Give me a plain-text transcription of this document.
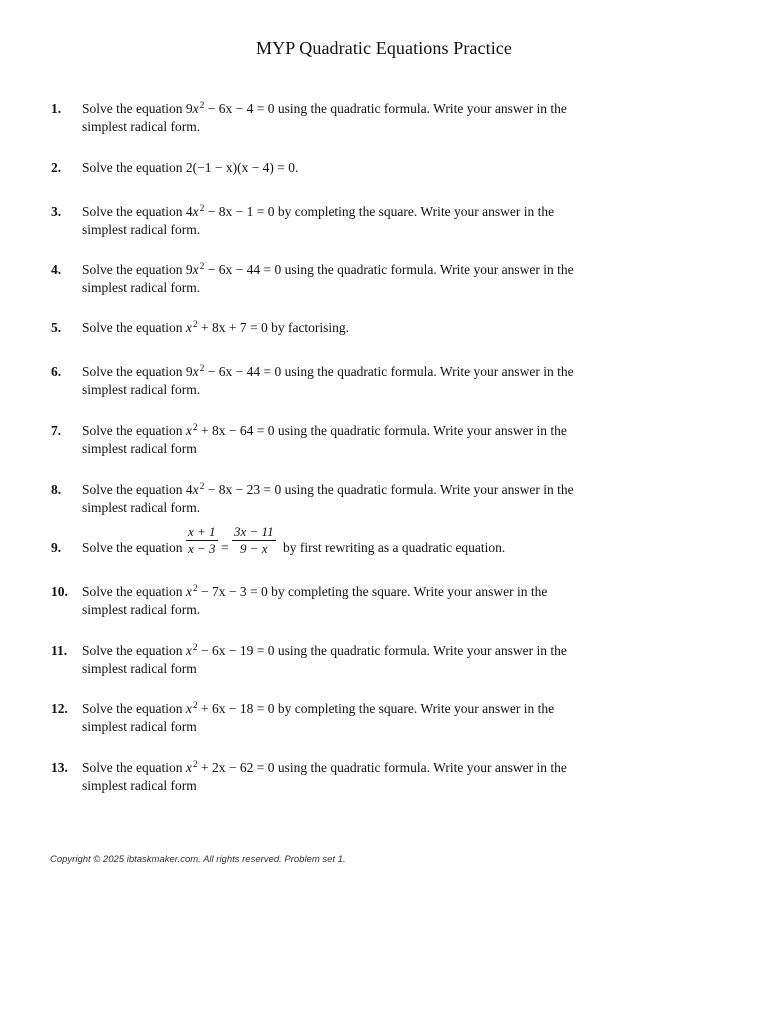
MYP Quadratic Equations Practice
1. Solve the equation $9x^2 - 6x - 4 = 0$ using the quadratic formula. Write your answer in the
simplest radical form.
2. Solve the equation 2(−1 − x)(x − 4) = 0.
3. Solve the equation $4x^2 - 8x - 1 = 0$ by completing the square. Write your answer in the
simplest radical form.
4. Solve the equation $9x^2 - 6x - 44 = 0$ using the quadratic formula. Write your answer in the
simplest radical form.
5. Solve the equation $x^2 + 8x + 7 = 0$ by factorising.
6. Solve the equation $9x^2 - 6x - 44 = 0$ using the quadratic formula. Write your answer in the
simplest radical form.
7. Solve the equation $x^2 + 8x - 64 = 0$ using the quadratic formula. Write your answer in the
simplest radical form
8. Solve the equation $4x^2 - 8x - 23 = 0$ using the quadratic formula. Write your answer in the
simplest radical form.
9. Solve the equation $\frac{x + 1}{x - 3} = \frac{3x - 11}{9 - x}$ by first rewriting as a quadratic equation.
10. Solve the equation $x^2 - 7x - 3 = 0$ by completing the square. Write your answer in the
simplest radical form.
11. Solve the equation $x^2 - 6x - 19 = 0$ using the quadratic formula. Write your answer in the
simplest radical form
12. Solve the equation $x^2 + 6x - 18 = 0$ by completing the square. Write your answer in the
simplest radical form
13. Solve the equation $x^2 + 2x - 62 = 0$ using the quadratic formula. Write your answer in the
simplest radical form
Copyright © 2025 ibtaskmaker.com. All rights reserved. Problem set 1.
